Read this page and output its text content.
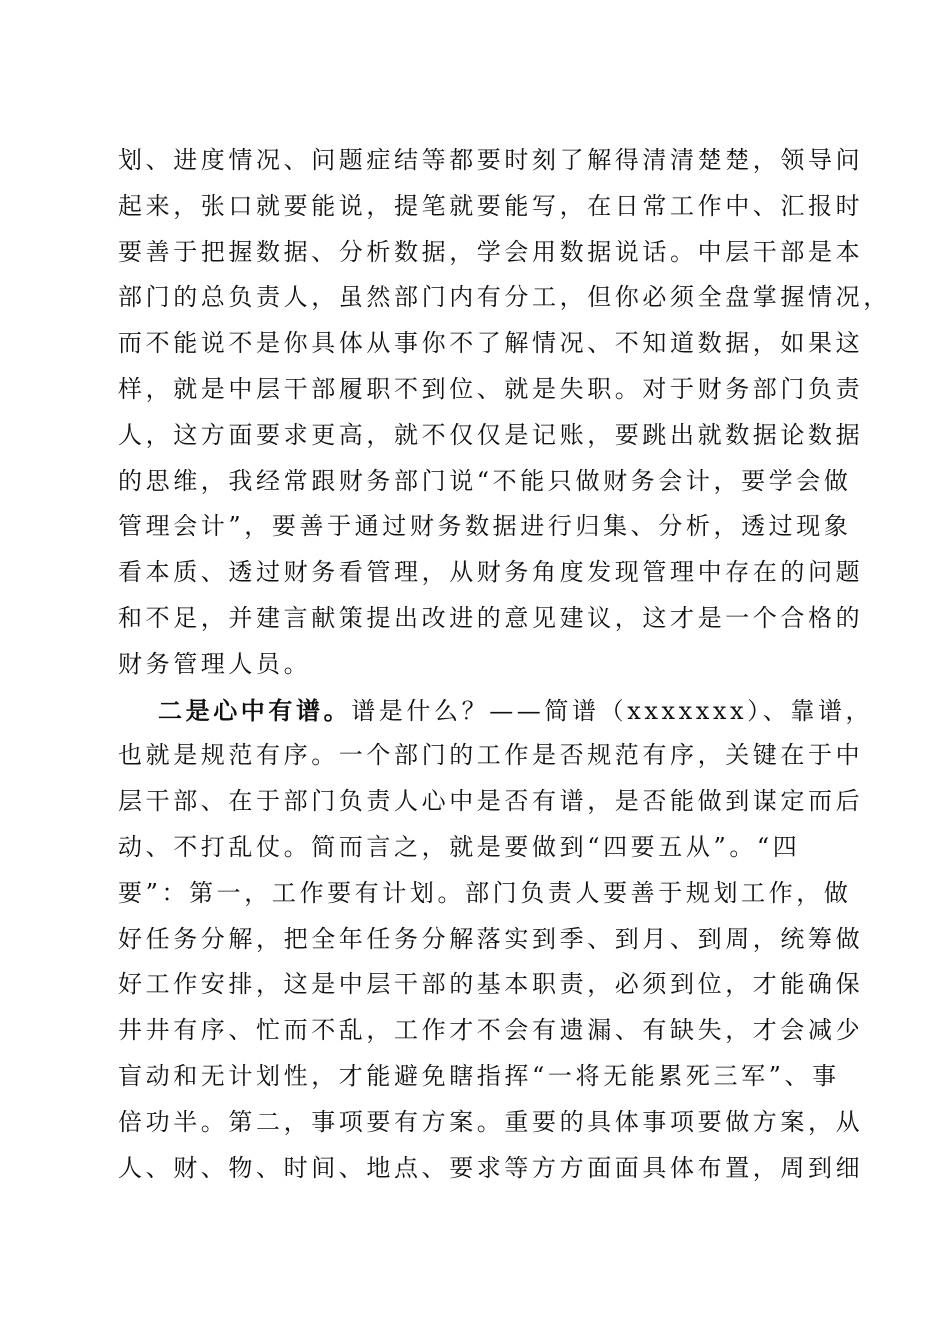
划、进度情况、问题症结等都要时刻了解得清清楚楚，领导问
起来，张口就要能说，提笔就要能写，在日常工作中、汇报时
要善于把握数据、分析数据，学会用数据说话。中层干部是本
部门的总负责人，虽然部门内有分工，但你必须全盘掌握情况，
而不能说不是你具体从事你不了解情况、不知道数据，如果这
样，就是中层干部履职不到位、就是失职。对于财务部门负责
人，这方面要求更高，就不仅仅是记账，要跳出就数据论数据
的思维，我经常跟财务部门说“不能只做财务会计，要学会做
管理会计”，要善于通过财务数据进行归集、分析，透过现象
看本质、透过财务看管理，从财务角度发现管理中存在的问题
和不足，并建言献策提出改进的意见建议，这才是一个合格的
财务管理人员。
二是心中有谱。谱是什么？——简谱（xxxxxxx）、靠谱，
也就是规范有序。一个部门的工作是否规范有序，关键在于中
层干部、在于部门负责人心中是否有谱，是否能做到谋定而后
动、不打乱仗。简而言之，就是要做到“四要五从”。“四
要”：第一，工作要有计划。部门负责人要善于规划工作，做
好任务分解，把全年任务分解落实到季、到月、到周，统筹做
好工作安排，这是中层干部的基本职责，必须到位，才能确保
井井有序、忙而不乱，工作才不会有遗漏、有缺失，才会减少
盲动和无计划性，才能避免瞎指挥“一将无能累死三军”、事
倍功半。第二，事项要有方案。重要的具体事项要做方案，从
人、财、物、时间、地点、要求等方方面面具体布置，周到细
